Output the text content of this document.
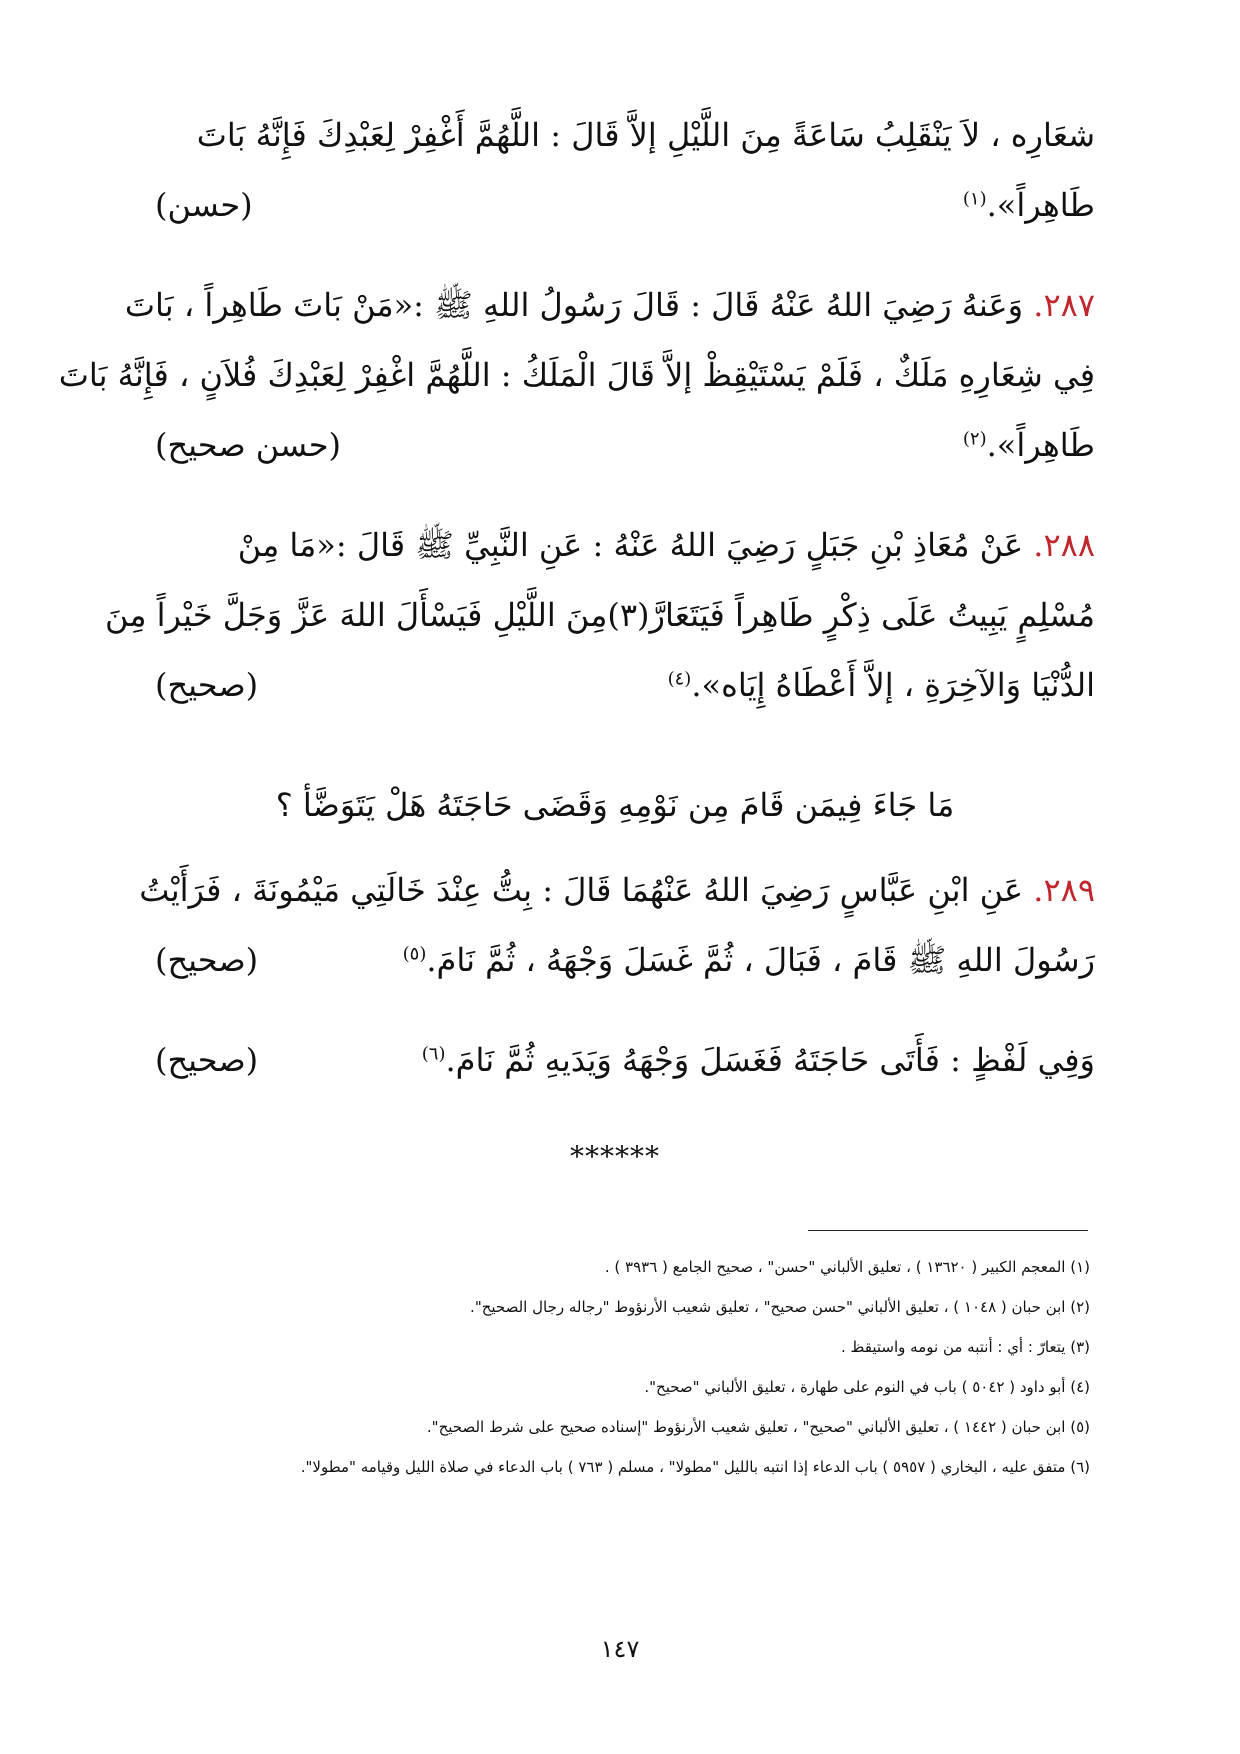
شعَارِه ، لاَ يَنْقَلِبُ سَاعَةً مِنَ اللَّيْلِ إلاَّ قَالَ : اللَّهُمَّ أَغْفِرْ لِعَبْدِكَ فَإِنَّهُ بَاتَ
طَاهِراً».$^{(١)}$
(حسن)
٢٨٧. وَعَنهُ رَضِيَ اللهُ عَنْهُ قَالَ : قَالَ رَسُولُ اللهِ ﷺ :«مَنْ بَاتَ طَاهِراً ، بَاتَ
فِي شِعَارِهِ مَلَكٌ ، فَلَمْ يَسْتَيْقِظْ إلاَّ قَالَ الْمَلَكُ : اللَّهُمَّ اغْفِرْ لِعَبْدِكَ فُلاَنٍ ، فَإِنَّهُ بَاتَ
طَاهِراً».$^{(٢)}$
(حسن صحيح)
٢٨٨. عَنْ مُعَاذِ بْنِ جَبَلٍ رَضِيَ اللهُ عَنْهُ : عَنِ النَّبِيِّ ﷺ قَالَ :«مَا مِنْ
مُسْلِمٍ يَبِيتُ عَلَى ذِكْرٍ طَاهِراً فَيَتَعَارَّ(٣)مِنَ اللَّيْلِ فَيَسْأَلَ اللهَ عَزَّ وَجَلَّ خَيْراً مِنَ
الدُّنْيَا وَالآخِرَةِ ، إلاَّ أَعْطَاهُ إِيَاه».$^{(٤)}$
(صحيح)
مَا جَاءَ فِيمَن قَامَ مِن نَوْمِهِ وَقَضَى حَاجَتَهُ هَلْ يَتَوَضَّأ ؟
٢٨٩. عَنِ ابْنِ عَبَّاسٍ رَضِيَ اللهُ عَنْهُمَا قَالَ : بِتُّ عِنْدَ خَالَتِي مَيْمُونَةَ ، فَرَأَيْتُ
رَسُولَ اللهِ ﷺ قَامَ ، فَبَالَ ، ثُمَّ غَسَلَ وَجْهَهُ ، ثُمَّ نَامَ.$^{(٥)}$
(صحيح)
وَفِي لَفْظٍ : فَأَتَى حَاجَتَهُ فَغَسَلَ وَجْهَهُ وَيَدَيهِ ثُمَّ نَامَ.$^{(٦)}$
(صحيح)
******
(١) المعجم الكبير ( ١٣٦٢٠ ) ، تعليق الألباني "حسن" ، صحيح الجامع ( ٣٩٣٦ ) .
(٢) ابن حبان ( ١٠٤٨ ) ، تعليق الألباني "حسن صحيح" ، تعليق شعيب الأرنؤوط "رجاله رجال الصحيح".
(٣) يتعارّ : أي : أنتبه من نومه واستيقظ .
(٤) أبو داود ( ٥٠٤٢ ) باب في النوم على طهارة ، تعليق الألباني "صحيح".
(٥) ابن حبان ( ١٤٤٢ ) ، تعليق الألباني "صحيح" ، تعليق شعيب الأرنؤوط "إسناده صحيح على شرط الصحيح".
(٦) متفق عليه ، البخاري ( ٥٩٥٧ ) باب الدعاء إذا انتبه بالليل "مطولا" ، مسلم ( ٧٦٣ ) باب الدعاء في صلاة الليل وقيامه "مطولا".
١٤٧
